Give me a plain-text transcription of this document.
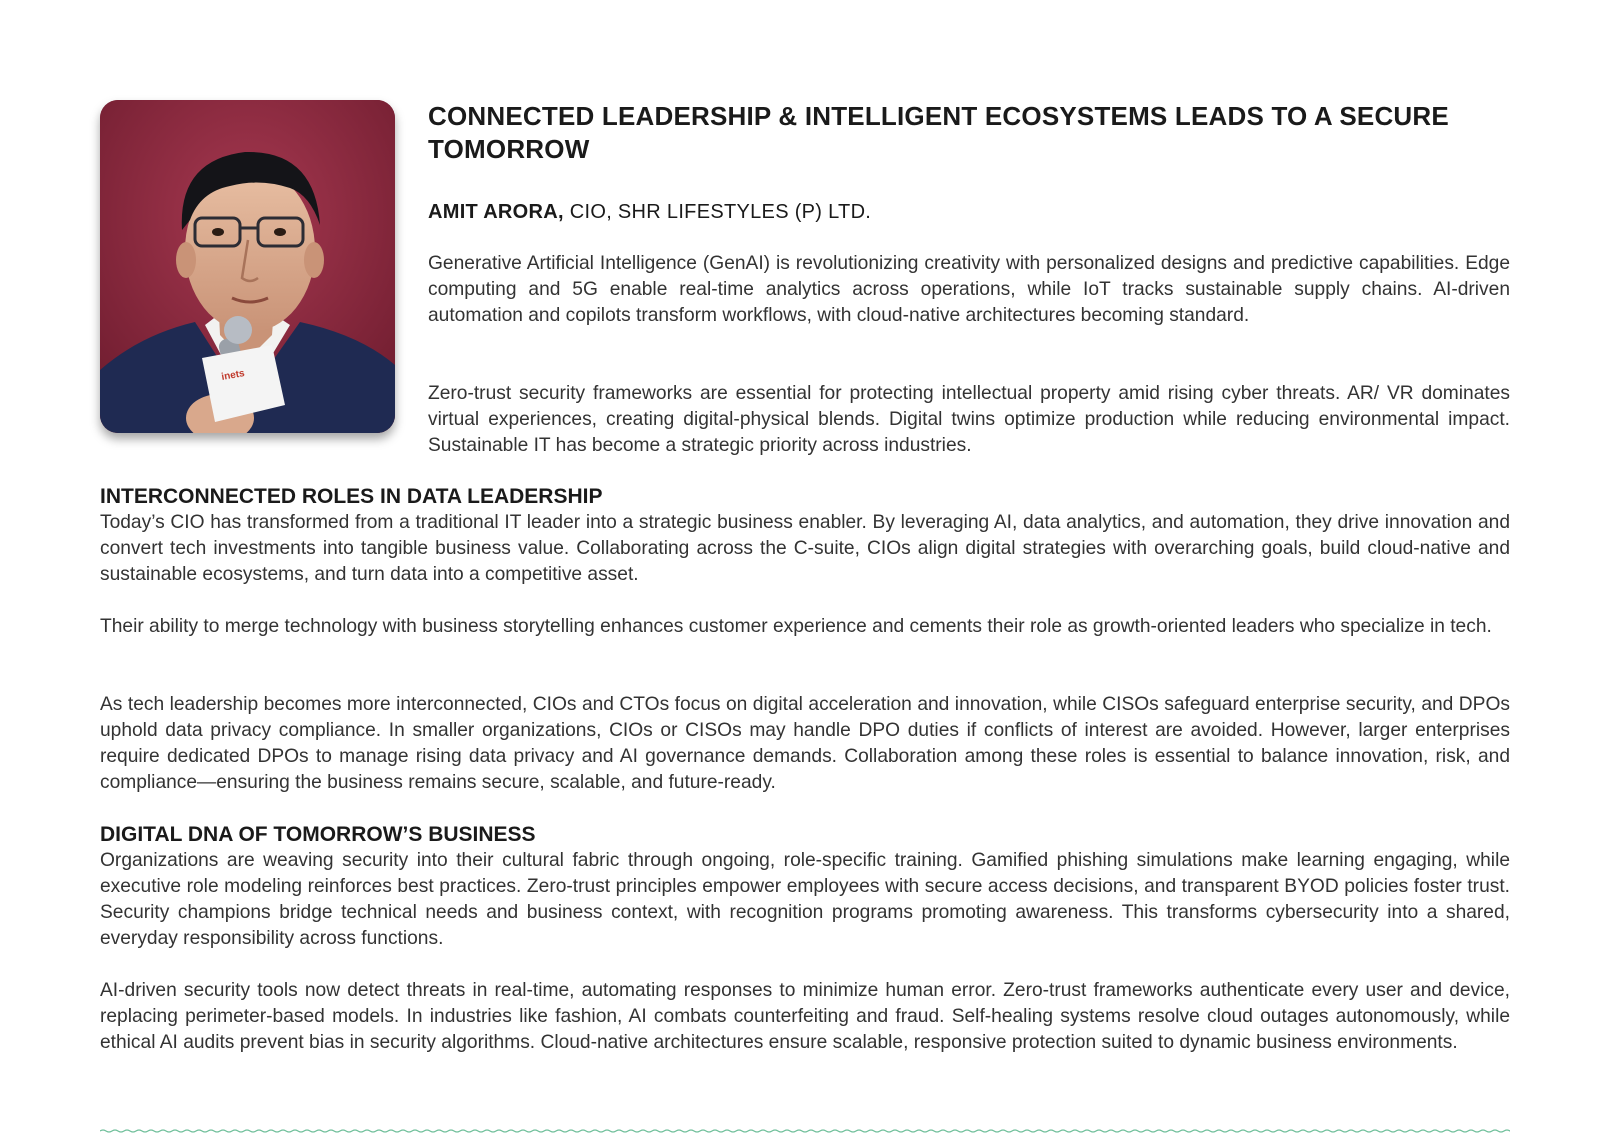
inets
CONNECTED LEADERSHIP & INTELLIGENT ECOSYSTEMS LEADS TO A SECURE TOMORROW
AMIT ARORA, CIO, SHR LIFESTYLES (P) LTD.

Generative Artificial Intelligence (GenAI) is revolutionizing creativity with personalized designs and predictive capabilities. Edge computing and 5G enable real-time analytics across operations, while IoT tracks sustainable supply chains. AI-driven automation and copilots transform workflows, with cloud-native architectures becoming standard.

Zero-trust security frameworks are essential for protecting intellectual property amid rising cyber threats. AR/ VR dominates virtual experiences, creating digital-physical blends. Digital twins optimize production while reducing environmental impact. Sustainable IT has become a strategic priority across industries.

INTERCONNECTED ROLES IN DATA LEADERSHIP

Today’s CIO has transformed from a traditional IT leader into a strategic business enabler. By leveraging AI, data analytics, and automation, they drive innovation and convert tech investments into tangible business value. Collaborating across the C-suite, CIOs align digital strategies with overarching goals, build cloud-native and sustainable ecosystems, and turn data into a competitive asset.

Their ability to merge technology with business storytelling enhances customer experience and cements their role as growth-oriented leaders who specialize in tech.

As tech leadership becomes more interconnected, CIOs and CTOs focus on digital acceleration and innovation, while CISOs safeguard enterprise security, and DPOs uphold data privacy compliance. In smaller organizations, CIOs or CISOs may handle DPO duties if conflicts of interest are avoided. However, larger enterprises require dedicated DPOs to manage rising data privacy and AI governance demands. Collaboration among these roles is essential to balance innovation, risk, and compliance—ensuring the business remains secure, scalable, and future-ready.

DIGITAL DNA OF TOMORROW’S BUSINESS

Organizations are weaving security into their cultural fabric through ongoing, role-specific training. Gamified phishing simulations make learning engaging, while executive role modeling reinforces best practices. Zero-trust principles empower employees with secure access decisions, and transparent BYOD policies foster trust. Security champions bridge technical needs and business context, with recognition programs promoting awareness. This transforms cybersecurity into a shared, everyday responsibility across functions.

AI-driven security tools now detect threats in real-time, automating responses to minimize human error. Zero-trust frameworks authenticate every user and device, replacing perimeter-based models. In industries like fashion, AI combats counterfeiting and fraud. Self-healing systems resolve cloud outages autonomously, while ethical AI audits prevent bias in security algorithms. Cloud-native architectures ensure scalable, responsive protection suited to dynamic business environments.
